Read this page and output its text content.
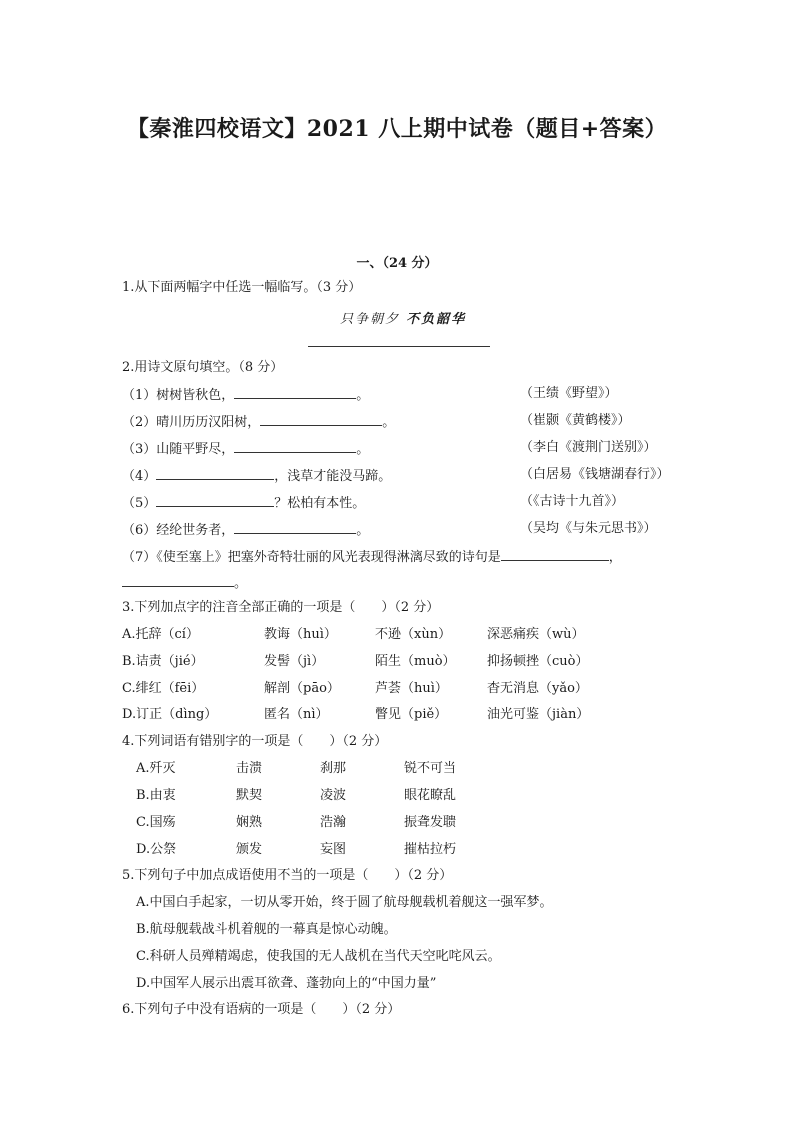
【秦淮四校语文】2021 八上期中试卷（题目+答案）
一、（24 分）
1.从下面两幅字中任选一幅临写。（3 分）
只争朝夕 不负韶华
2.用诗文原句填空。（8 分）
（1）树树皆秋色，	。	（王绩《野望》）
（2）晴川历历汉阳树，	。	（崔颢《黄鹤楼》）
（3）山随平野尽，	。	（李白《渡荆门送别》）
（4）	，浅草才能没马蹄。	（白居易《钱塘湖春行》）
（5）	？松柏有本性。	（《古诗十九首》）
（6）经纶世务者，	。	（吴均《与朱元思书》）
（7）《使至塞上》把塞外奇特壮丽的风光表现得淋漓尽致的诗句是	，
。
3.下列加点字的注音全部正确的一项是（　　）（2 分）
A.托辞（cí）	教诲（huì）	不逊（xùn）	深恶痛疾（wù）
B.诘责（jié）	发髻（jì）	陌生（muò） 抑扬顿挫（cuò）
C.绯红（fēi）	解剖（pāo）	芦荟（huì）	杳无消息（yǎo）
D.订正（dìng）	匿名（nì）	瞥见（piě）	油光可鉴（jiàn）
4.下列词语有错别字的一项是（　　）（2 分）
A.歼灭	击溃	刹那	锐不可当
B.由衷	默契	凌波	眼花瞭乱
C.国殇	娴熟	浩瀚	振聋发聩
D.公祭	颁发	妄图	摧枯拉朽
5.下列句子中加点成语使用不当的一项是（　　）（2 分）
A.中国白手起家，一切从零开始，终于圆了航母舰载机着舰这一强军梦。
B.航母舰载战斗机着舰的一幕真是惊心动魄。
C.科研人员殚精竭虑，使我国的无人战机在当代天空叱咤风云。
D.中国军人展示出震耳欲聋、蓬勃向上的“中国力量”
6.下列句子中没有语病的一项是（　　）（2 分）
